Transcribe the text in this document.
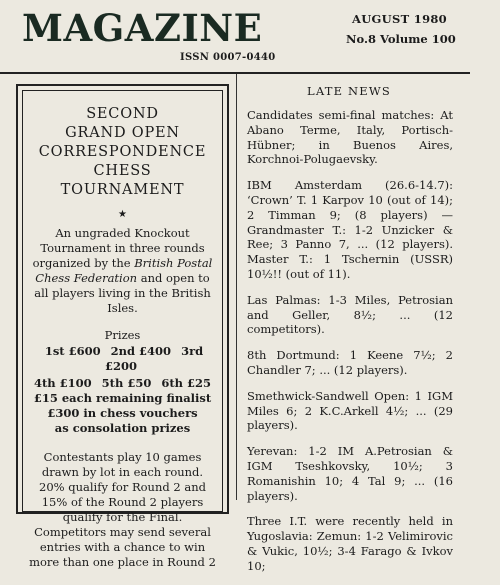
MAGAZINE
ISSN 0007-0440
AUGUST 1980
No.8 Volume 100
SECOND
GRAND OPEN
CORRESPONDENCE
CHESS
TOURNAMENT
★
An ungraded Knockout Tournament in three rounds organized by the British Postal Chess Federation and open to all players living in the British Isles.
Prizes
1st £600 2nd £400 3rd £200
4th £100 5th £50 6th £25
£15 each remaining finalist
£300 in chess vouchers
as consolation prizes
Contestants play 10 games drawn by lot in each round. 20% qualify for Round 2 and 15% of the Round 2 players qualify for the Final. Competitors may send several entries with a chance to win more than one place in Round 2
LATE NEWS

Candidates semi-final matches: At Abano Terme, Italy, Portisch-Hübner; in Buenos Aires, Korchnoi-Polugaevsky.

IBM Amsterdam (26.6-14.7): ‘Crown’ T. 1 Karpov 10 (out of 14); 2 Timman 9; (8 players) — Grandmaster T.: 1-2 Unzicker & Ree; 3 Panno 7, ... (12 players). Master T.: 1 Tschernin (USSR) 10½!! (out of 11).

Las Palmas: 1-3 Miles, Petrosian and Geller, 8½; ... (12 competitors).

8th Dortmund: 1 Keene 7½; 2 Chandler 7; ... (12 players).

Smethwick-Sandwell Open: 1 IGM Miles 6; 2 K.C.Arkell 4½; ... (29 players).

Yerevan: 1-2 IM A.Petrosian & IGM Tseshkovsky, 10½; 3 Romanishin 10; 4 Tal 9; ... (16 players).

Three I.T. were recently held in Yugoslavia: Zemun: 1-2 Velimirovic & Vukic, 10½; 3-4 Farago & Ivkov 10;
